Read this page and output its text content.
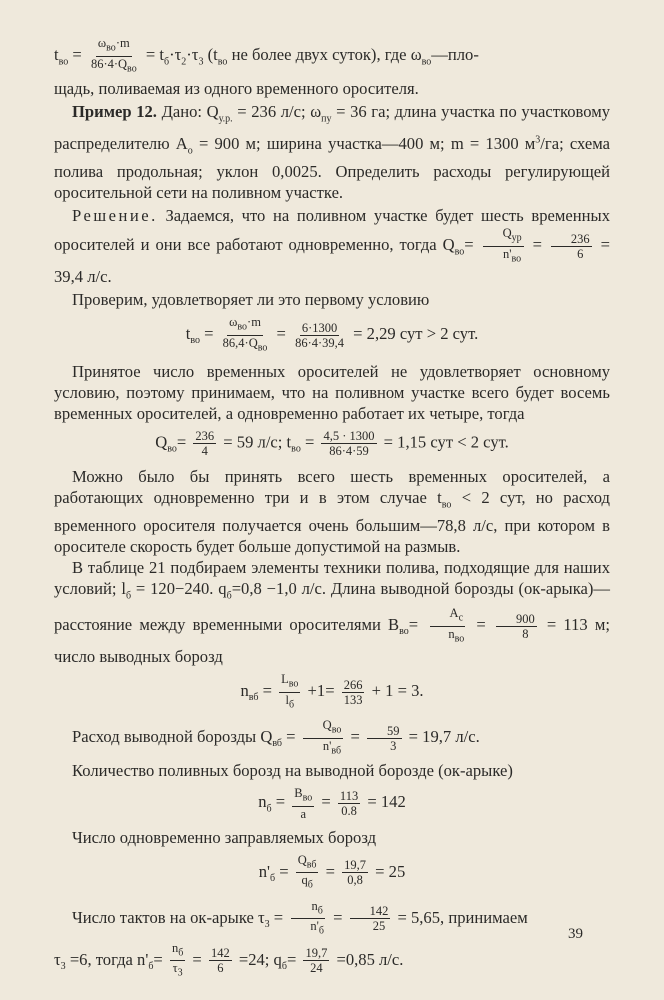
$t_{во} = \frac{\omega_{во}\cdot m}{86\cdot 4\cdot Q_{во}} = t_б\cdot\tau_2\cdot\tau_3$ ($t_{во}$ не более двух суток), где $\omega_{во}—пло-$

щадь, поливаемая из одного временного оросителя.

Пример 12. Дано: $Q_{у.р.} = 236$ л/с; $\omega_{пу} = 36$ га; длина участка по участковому распределителю $A_о = 900$ м; ширина участка—400 м; m = 1300 $м^3/га$; схема полива продольная; уклон 0,0025. Определить расходы регулирующей оросительной сети на поливном участке.

Решение. Задаемся, что на поливном участке будет шесть временных оросителей и они все работают одновременно, тогда $Q_{во}= \frac{Q_{ур}}{n'_{во}} = \frac{236}{6} = 39,4$ л/с.

Проверим, удовлетворяет ли это первому условию

$t_{во} = \frac{\omega_{во}\cdot m}{86,4\cdot Q_{во}} = \frac{6\cdot 1300}{86\cdot 4\cdot 39,4} = 2,29$ сут > 2 сут.

Принятое число временных оросителей не удовлетворяет основному условию, поэтому принимаем, что на поливном участке всего будет восемь временных оросителей, а одновременно работает их четыре, тогда

$Q_{во}= \frac{236}{4} = 59$ л/с; $t_{во} = \frac{4,5 \cdot 1300}{86\cdot 4\cdot 59} = 1,15$ сут < 2 сут.

Можно было бы принять всего шесть временных оросителей, а работающих одновременно три и в этом случае $t_{во} < 2$ сут, но расход временного оросителя получается очень большим—78,8 л/с, при котором в оросителе скорость будет больше допустимой на размыв.

В таблице 21 подбираем элементы техники полива, подходящие для наших условий; $l_б = 120-240$. $q_б=0,8 -1,0$ л/с. Длина выводной борозды (ок-арыка)—расстояние между временными оросителями $B_{во}= \frac{A_с}{n_{во}} = \frac{900}{8} = 113$ м; число выводных борозд

$n_{вб} = \frac{L_{во}}{l_б} +1= \frac{266}{133} + 1 = 3$.

Расход выводной борозды $Q_{вб} = \frac{Q_{во}}{n'_{вб}} = \frac{59}{3} = 19,7$ л/с.

Количество поливных борозд на выводной борозде (ок-арыке)

$n_б = \frac{B_{во}}{a} = \frac{113}{0.8} = 142$

Число одновременно заправляемых борозд

$n'_б = \frac{Q_{вб}}{q_б} = \frac{19,7}{0,8} = 25$

Число тактов на ок-арыке $\tau_3 = \frac{n_б}{n'_б} = \frac{142}{25} = 5,65$, принимаем

$\tau_3 =6$, тогда $n'_б= \frac{n_б}{\tau_3} = \frac{142}{6} =24$; $q_б= \frac{19,7}{24} =0,85$ л/с.

39
